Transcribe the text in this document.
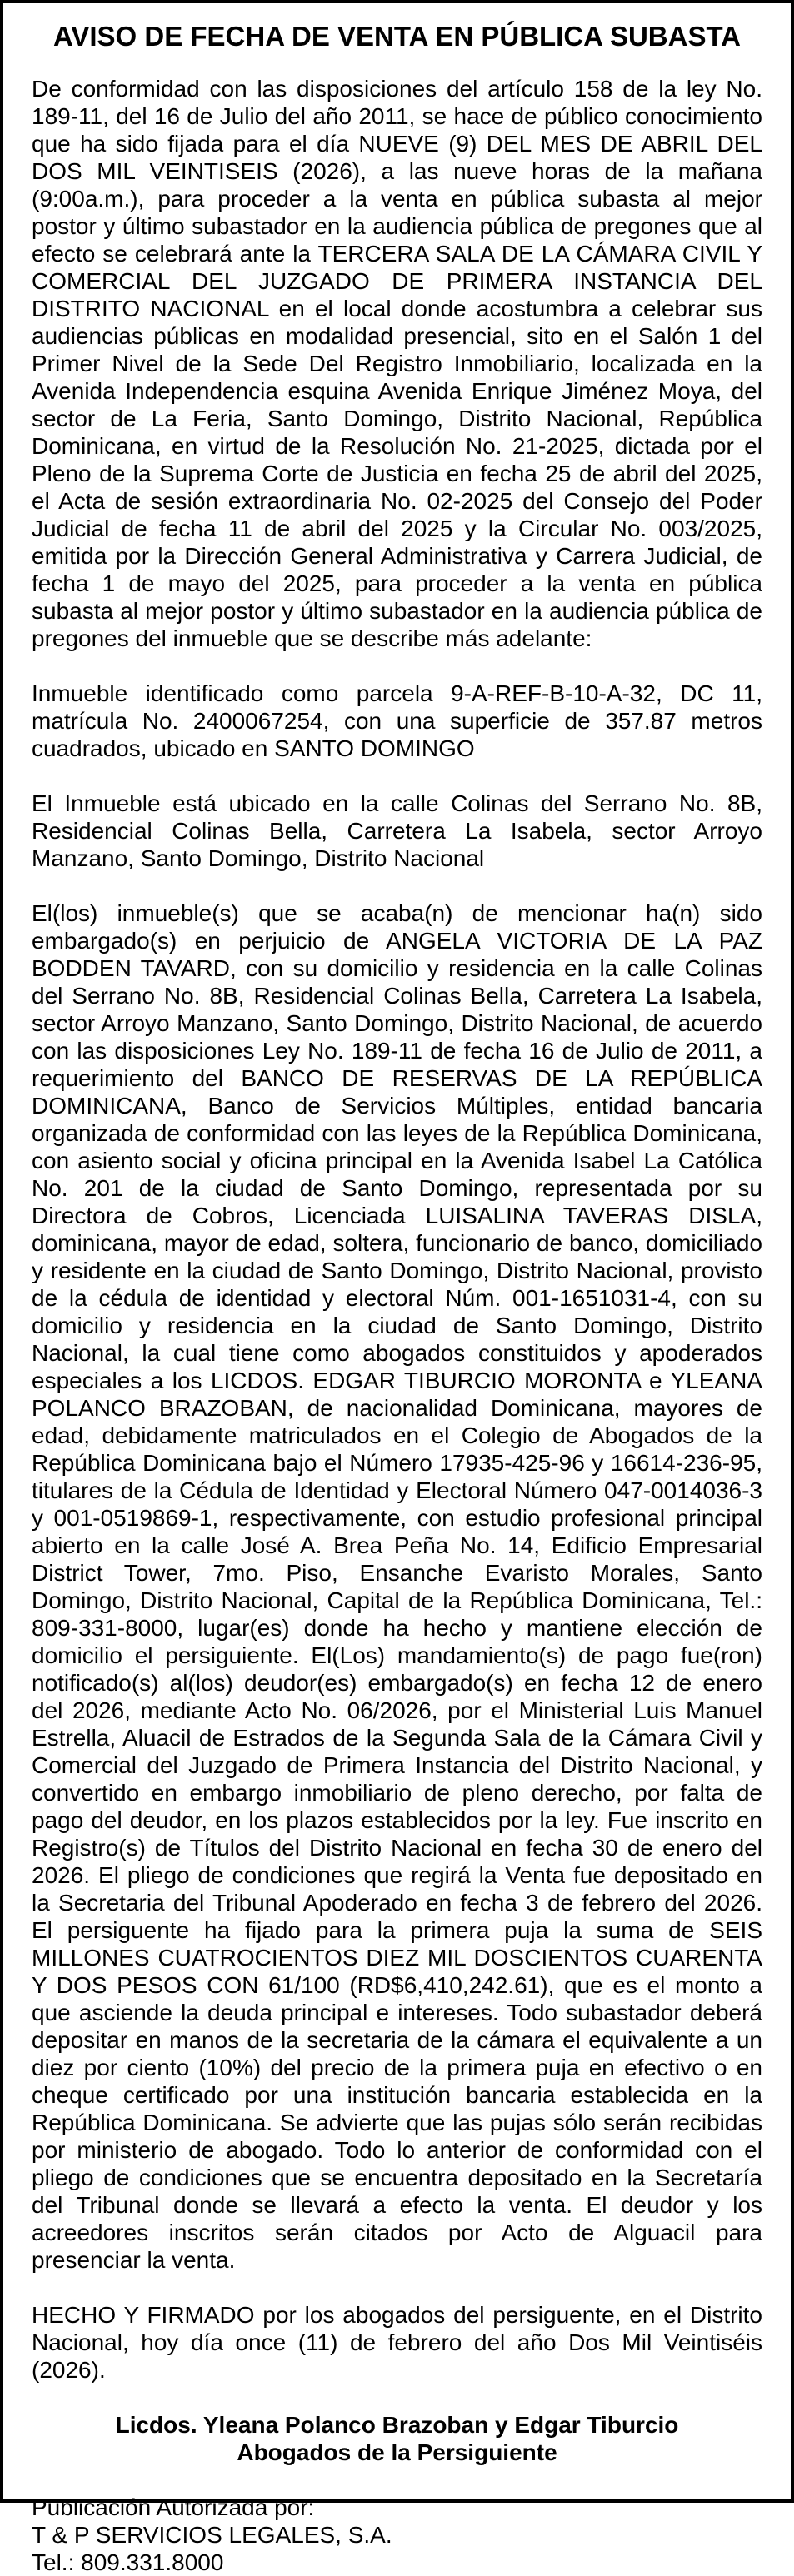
AVISO DE FECHA DE VENTA EN PÚBLICA SUBASTA

De conformidad con las disposiciones del artículo 158 de la ley No. 189-11, del 16 de Julio del año 2011, se hace de público conocimiento que ha sido fijada para el día NUEVE (9) DEL MES DE ABRIL DEL DOS MIL VEINTISEIS (2026), a las nueve horas de la mañana (9:00a.m.), para proceder a la venta en pública subasta al mejor postor y último subastador en la audiencia pública de pregones que al efecto se celebrará ante la TERCERA SALA DE LA CÁMARA CIVIL Y COMERCIAL DEL JUZGADO DE PRIMERA INSTANCIA DEL DISTRITO NACIONAL en el local donde acostumbra a celebrar sus audiencias públicas en modalidad presencial, sito en el Salón 1 del Primer Nivel de la Sede Del Registro Inmobiliario, localizada en la Avenida Independencia esquina Avenida Enrique Jiménez Moya, del sector de La Feria, Santo Domingo, Distrito Nacional, República Dominicana, en virtud de la Resolución No. 21-2025, dictada por el Pleno de la Suprema Corte de Justicia en fecha 25 de abril del 2025, el Acta de sesión extraordinaria No. 02-2025 del Consejo del Poder Judicial de fecha 11 de abril del 2025 y la Circular No. 003/2025, emitida por la Dirección General Administrativa y Carrera Judicial, de fecha 1 de mayo del 2025, para proceder a la venta en pública subasta al mejor postor y último subastador en la audiencia pública de pregones del inmueble que se describe más adelante:

Inmueble identificado como parcela 9-A-REF-B-10-A-32, DC 11, matrícula No. 2400067254, con una superficie de 357.87 metros cuadrados, ubicado en SANTO DOMINGO

El Inmueble está ubicado en la calle Colinas del Serrano No. 8B, Residencial Colinas Bella, Carretera La Isabela, sector Arroyo Manzano, Santo Domingo, Distrito Nacional

El(los) inmueble(s) que se acaba(n) de mencionar ha(n) sido embargado(s) en perjuicio de ANGELA VICTORIA DE LA PAZ BODDEN TAVARD, con su domicilio y residencia en la calle Colinas del Serrano No. 8B, Residencial Colinas Bella, Carretera La Isabela, sector Arroyo Manzano, Santo Domingo, Distrito Nacional, de acuerdo con las disposiciones Ley No. 189-11 de fecha 16 de Julio de 2011, a requerimiento del BANCO DE RESERVAS DE LA REPÚBLICA DOMINICANA, Banco de Servicios Múltiples, entidad bancaria organizada de conformidad con las leyes de la República Dominicana, con asiento social y oficina principal en la Avenida Isabel La Católica No. 201 de la ciudad de Santo Domingo, representada por su Directora de Cobros, Licenciada LUISALINA TAVERAS DISLA, dominicana, mayor de edad, soltera, funcionario de banco, domiciliado y residente en la ciudad de Santo Domingo, Distrito Nacional, provisto de la cédula de identidad y electoral Núm. 001-1651031-4, con su domicilio y residencia en la ciudad de Santo Domingo, Distrito Nacional, la cual tiene como abogados constituidos y apoderados especiales a los LICDOS. EDGAR TIBURCIO MORONTA e YLEANA POLANCO BRAZOBAN, de nacionalidad Dominicana, mayores de edad, debidamente matriculados en el Colegio de Abogados de la República Dominicana bajo el Número 17935-425-96 y 16614-236-95, titulares de la Cédula de Identidad y Electoral Número 047-0014036-3 y 001-0519869-1, respectivamente, con estudio profesional principal abierto en la calle José A. Brea Peña No. 14, Edificio Empresarial District Tower, 7mo. Piso, Ensanche Evaristo Morales, Santo Domingo, Distrito Nacional, Capital de la República Dominicana, Tel.: 809-331-8000, lugar(es) donde ha hecho y mantiene elección de domicilio el persiguiente. El(Los) mandamiento(s) de pago fue(ron) notificado(s) al(los) deudor(es) embargado(s) en fecha 12 de enero del 2026, mediante Acto No. 06/2026, por el Ministerial Luis Manuel Estrella, Aluacil de Estrados de la Segunda Sala de la Cámara Civil y Comercial del Juzgado de Primera Instancia del Distrito Nacional, y convertido en embargo inmobiliario de pleno derecho, por falta de pago del deudor, en los plazos establecidos por la ley. Fue inscrito en Registro(s) de Títulos del Distrito Nacional en fecha 30 de enero del 2026. El pliego de condiciones que regirá la Venta fue depositado en la Secretaria del Tribunal Apoderado en fecha 3 de febrero del 2026. El persiguente ha fijado para la primera puja la suma de SEIS MILLONES CUATROCIENTOS DIEZ MIL DOSCIENTOS CUARENTA Y DOS PESOS CON 61/100 (RD$6,410,242.61), que es el monto a que asciende la deuda principal e intereses. Todo subastador deberá depositar en manos de la secretaria de la cámara el equivalente a un diez por ciento (10%) del precio de la primera puja en efectivo o en cheque certificado por una institución bancaria establecida en la República Dominicana. Se advierte que las pujas sólo serán recibidas por ministerio de abogado. Todo lo anterior de conformidad con el pliego de condiciones que se encuentra depositado en la Secretaría del Tribunal donde se llevará a efecto la venta. El deudor y los acreedores inscritos serán citados por Acto de Alguacil para presenciar la venta.

HECHO Y FIRMADO por los abogados del persiguente, en el Distrito Nacional, hoy día once (11) de febrero del año Dos Mil Veintiséis (2026).

Licdos. Yleana Polanco Brazoban y Edgar Tiburcio
Abogados de la Persiguiente
Publicación Autorizada por:
T & P SERVICIOS LEGALES, S.A.
Tel.: 809.331.8000
